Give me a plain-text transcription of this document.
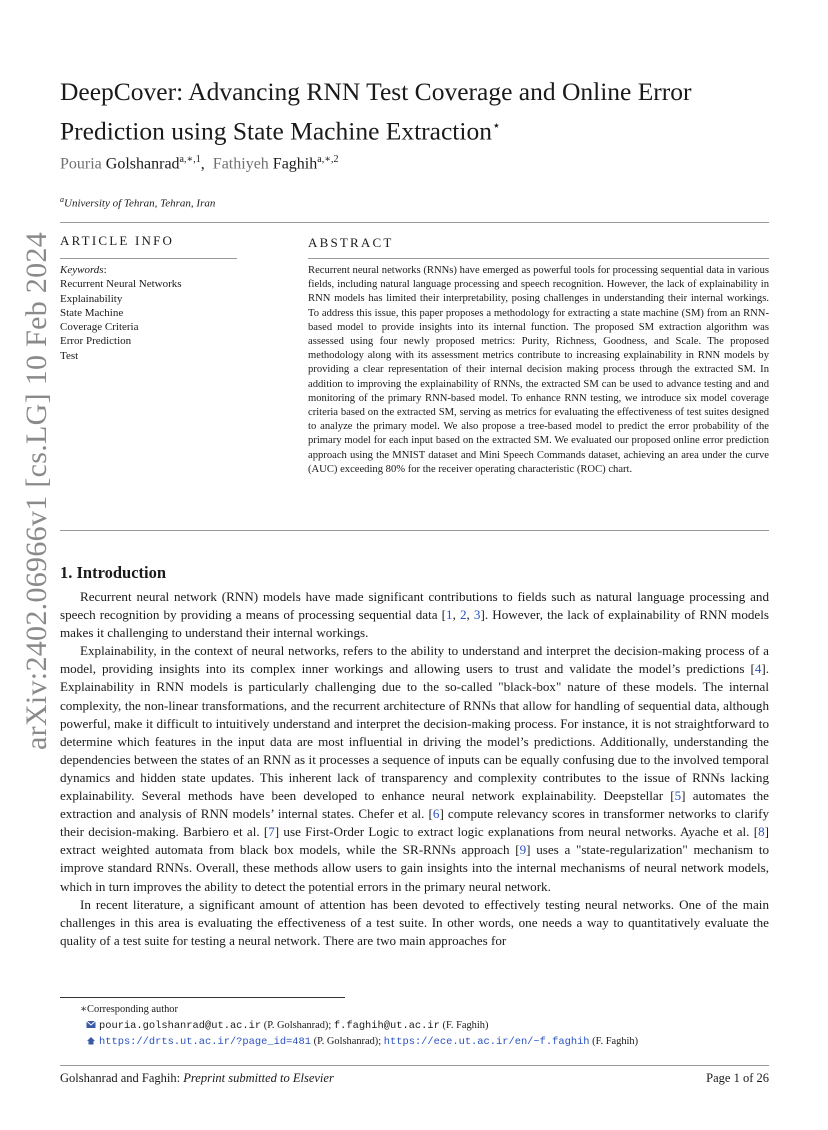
DeepCover: Advancing RNN Test Coverage and Online Error Prediction using State Machine Extraction⋆
Pouria Golshanrad$^{a,∗,1}$,  Fathiyeh Faghih$^{a,∗,2}$
$^a$University of Tehran, Tehran, Iran
ARTICLE INFO
Keywords:
Recurrent Neural Networks
Explainability
State Machine
Coverage Criteria
Error Prediction
Test
ABSTRACT
Recurrent neural networks (RNNs) have emerged as powerful tools for processing sequential data in various fields, including natural language processing and speech recognition. However, the lack of explainability in RNN models has limited their interpretability, posing challenges in understanding their internal workings. To address this issue, this paper proposes a methodology for extracting a state machine (SM) from an RNN-based model to provide insights into its internal function. The proposed SM extraction algorithm was assessed using four newly proposed metrics: Purity, Richness, Goodness, and Scale. The proposed methodology along with its assessment metrics contribute to increasing explainability in RNN models by providing a clear representation of their internal decision making process through the extracted SM. In addition to improving the explainability of RNNs, the extracted SM can be used to advance testing and and monitoring of the primary RNN-based model. To enhance RNN testing, we introduce six model coverage criteria based on the extracted SM, serving as metrics for evaluating the effectiveness of test suites designed to analyze the primary model. We also propose a tree-based model to predict the error probability of the primary model for each input based on the extracted SM. We evaluated our proposed online error prediction approach using the MNIST dataset and Mini Speech Commands dataset, achieving an area under the curve (AUC) exceeding 80% for the receiver operating characteristic (ROC) chart.
arXiv:2402.06966v1 [cs.LG] 10 Feb 2024 1. Introduction

Recurrent neural network (RNN) models have made significant contributions to fields such as natural language processing and speech recognition by providing a means of processing sequential data [1, 2, 3]. However, the lack of explainability of RNN models makes it challenging to understand their internal workings.

Explainability, in the context of neural networks, refers to the ability to understand and interpret the decision-making process of a model, providing insights into its complex inner workings and allowing users to trust and validate the model’s predictions [4]. Explainability in RNN models is particularly challenging due to the so-called "black-box" nature of these models. The internal complexity, the non-linear transformations, and the recurrent architecture of RNNs that allow for handling of sequential data, although powerful, make it difficult to intuitively understand and interpret the decision-making process. For instance, it is not straightforward to determine which features in the input data are most influential in driving the model’s predictions. Additionally, understanding the dependencies between the states of an RNN as it processes a sequence of inputs can be equally confusing due to the involved temporal dynamics and hidden state updates. This inherent lack of transparency and complexity contributes to the issue of RNNs lacking explainability. Several methods have been developed to enhance neural network explainability. Deepstellar [5] automates the extraction and analysis of RNN models’ internal states. Chefer et al. [6] compute relevancy scores in transformer networks to clarify their decision-making. Barbiero et al. [7] use First-Order Logic to extract logic explanations from neural networks. Ayache et al. [8] extract weighted automata from black box models, while the SR-RNNs approach [9] uses a "state-regularization" mechanism to improve standard RNNs. Overall, these methods allow users to gain insights into the internal mechanisms of neural network models, which in turn improves the ability to detect the potential errors in the primary neural network.

In recent literature, a significant amount of attention has been devoted to effectively testing neural networks. One of the main challenges in this area is evaluating the effectiveness of a test suite. In other words, one needs a way to quantitatively evaluate the quality of a test suite for testing a neural network. There are two main approaches for

∗Corresponding author
pouria.golshanrad@ut.ac.ir (P. Golshanrad); f.faghih@ut.ac.ir (F. Faghih)
https://drts.ut.ac.ir/?page_id=481 (P. Golshanrad); https://ece.ut.ac.ir/en/~f.faghih (F. Faghih)
Golshanrad and Faghih: Preprint submitted to Elsevier	Page 1 of 26
